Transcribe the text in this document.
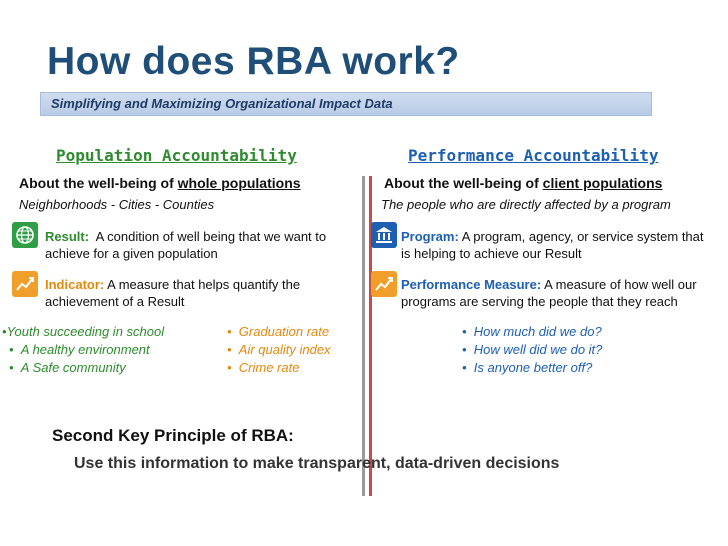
How does RBA work?
Simplifying and Maximizing Organizational Impact Data
Population Accountability	Performance Accountability
About the well-being of whole populations
Neighborhoods - Cities - Counties
About the well-being of client populations
The people who are directly affected by a program
Result: A condition of well being that we want to achieve for a given population
Indicator: A measure that helps quantify the achievement of a Result
•Youth succeeding in school
•  A healthy environment
•  A Safe community
•  Graduation rate
•  Air quality index
•  Crime rate
Program: A program, agency, or service system that is helping to achieve our Result
Performance Measure: A measure of how well our programs are serving the people that they reach
•  How much did we do?
•  How well did we do it?
•  Is anyone better off?
Second Key Principle of RBA:
Use this information to make transparent, data-driven decisions
